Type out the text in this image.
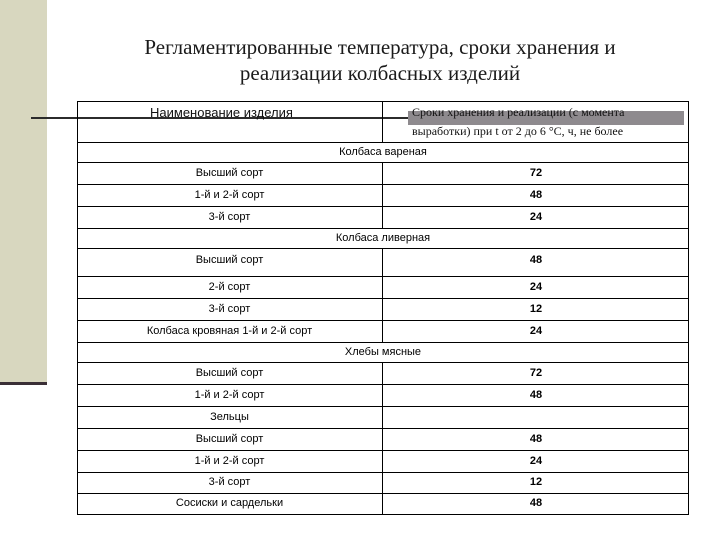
Регламентированные температура, сроки хранения и
реализации колбасных изделий
Наименование изделия	Сроки хранения и реализации (с момента
выработки) при t от 2 до 6 °С, ч, не более
Колбаса вареная
Колбаса ливерная
Хлебы мясные
Высший сорт
1-й и 2-й сорт
3-й сорт
Высший сорт
2-й сорт
3-й сорт
Колбаса кровяная 1-й и 2-й сорт
Высший сорт
1-й и 2-й сорт
Зельцы
Высший сорт
1-й и 2-й сорт
3-й сорт
Сосиски и сардельки
72
48
24
48
24
12
24
72
48
48
24
12
48
